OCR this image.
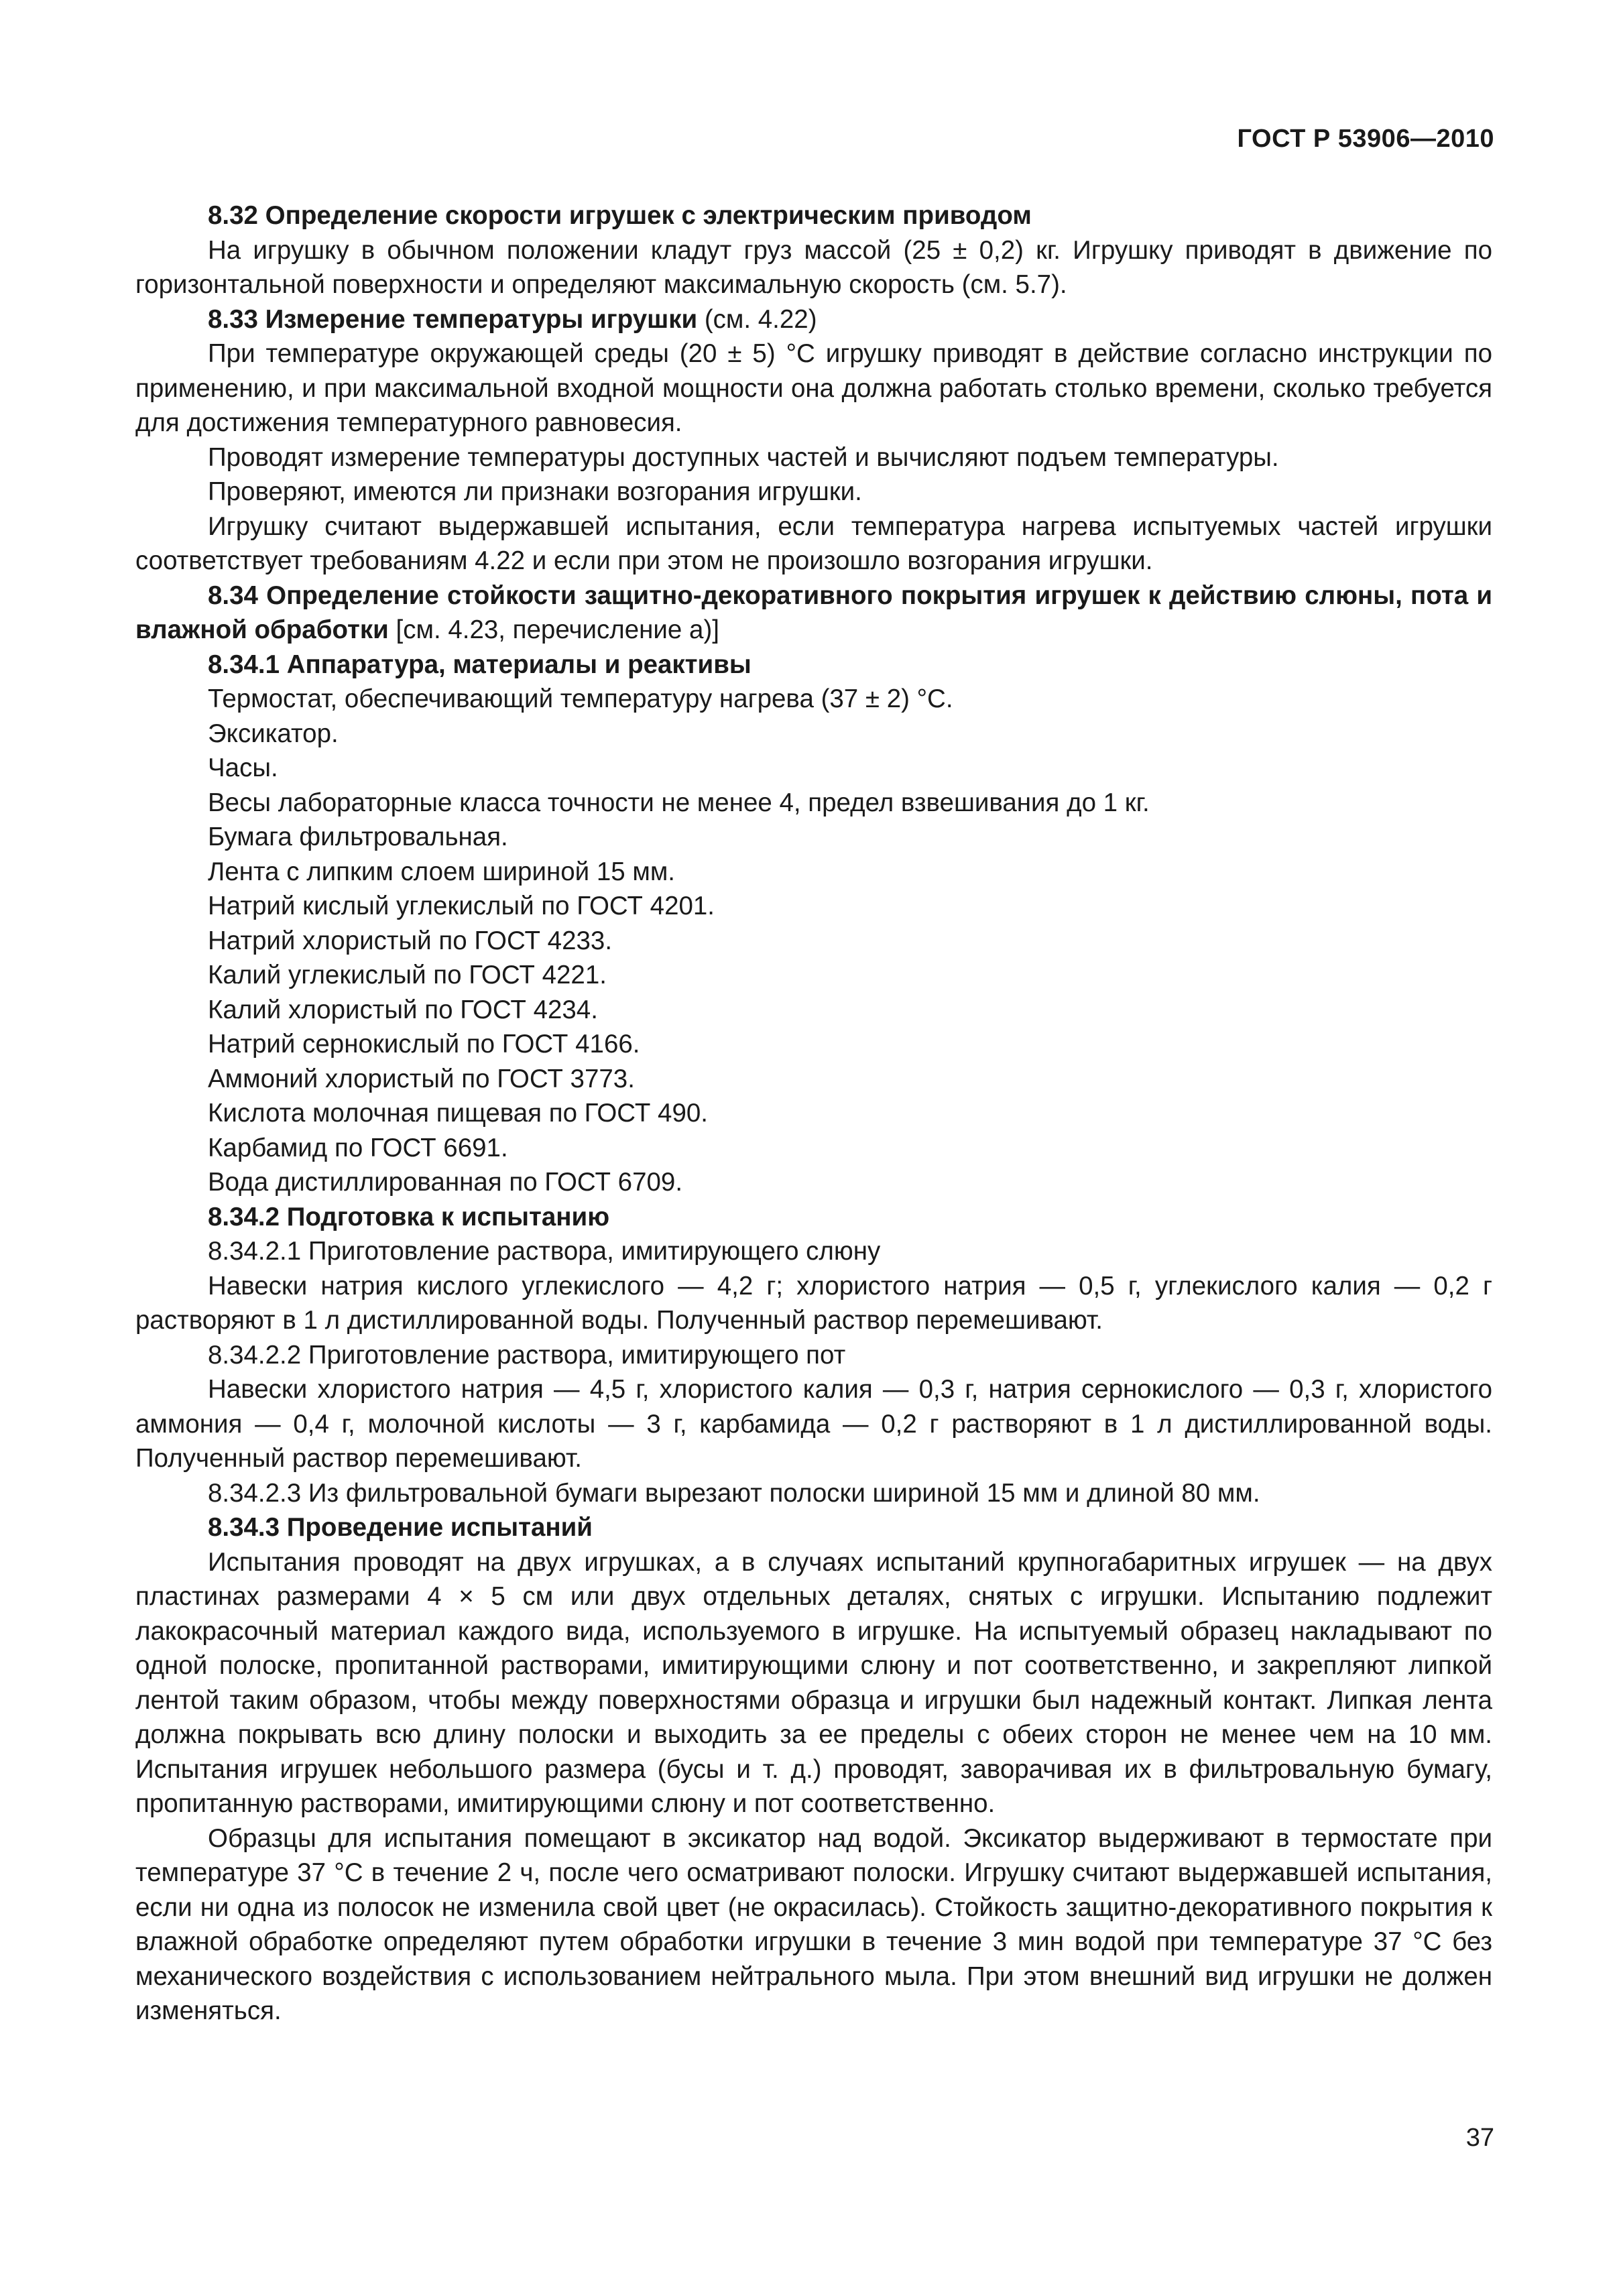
ГОСТ Р 53906—2010

8.32 Определение скорости игрушек с электрическим приводом

На игрушку в обычном положении кладут груз массой (25 ± 0,2) кг. Игрушку приводят в движение по горизонтальной поверхности и определяют максимальную скорость (см. 5.7).

8.33 Измерение температуры игрушки (см. 4.22)

При температуре окружающей среды (20 ± 5) °С игрушку приводят в действие согласно инструкции по применению, и при максимальной входной мощности она должна работать столько времени, сколько требуется для достижения температурного равновесия.

Проводят измерение температуры доступных частей и вычисляют подъем температуры.

Проверяют, имеются ли признаки возгорания игрушки.

Игрушку считают выдержавшей испытания, если температура нагрева испытуемых частей игрушки соответствует требованиям 4.22 и если при этом не произошло возгорания игрушки.

8.34 Определение стойкости защитно-декоративного покрытия игрушек к действию слюны, пота и влажной обработки [см. 4.23, перечисление а)]

8.34.1 Аппаратура, материалы и реактивы

Термостат, обеспечивающий температуру нагрева (37 ± 2) °С.

Эксикатор.

Часы.

Весы лабораторные класса точности не менее 4, предел взвешивания до 1 кг.

Бумага фильтровальная.

Лента с липким слоем шириной 15 мм.

Натрий кислый углекислый по ГОСТ 4201.

Натрий хлористый по ГОСТ 4233.

Калий углекислый по ГОСТ 4221.

Калий хлористый по ГОСТ 4234.

Натрий сернокислый по ГОСТ 4166.

Аммоний хлористый по ГОСТ 3773.

Кислота молочная пищевая по ГОСТ 490.

Карбамид по ГОСТ 6691.

Вода дистиллированная по ГОСТ 6709.

8.34.2 Подготовка к испытанию

8.34.2.1 Приготовление раствора, имитирующего слюну

Навески натрия кислого углекислого — 4,2 г; хлористого натрия — 0,5 г, углекислого калия — 0,2 г растворяют в 1 л дистиллированной воды. Полученный раствор перемешивают.

8.34.2.2 Приготовление раствора, имитирующего пот

Навески хлористого натрия — 4,5 г, хлористого калия — 0,3 г, натрия сернокислого — 0,3 г, хлористого аммония — 0,4 г, молочной кислоты — 3 г, карбамида — 0,2 г растворяют в 1 л дистиллированной воды. Полученный раствор перемешивают.

8.34.2.3 Из фильтровальной бумаги вырезают полоски шириной 15 мм и длиной 80 мм.

8.34.3 Проведение испытаний

Испытания проводят на двух игрушках, а в случаях испытаний крупногабаритных игрушек — на двух пластинах размерами 4 × 5 см или двух отдельных деталях, снятых с игрушки. Испытанию подлежит лакокрасочный материал каждого вида, используемого в игрушке. На испытуемый образец накладывают по одной полоске, пропитанной растворами, имитирующими слюну и пот соответственно, и закрепляют липкой лентой таким образом, чтобы между поверхностями образца и игрушки был надежный контакт. Липкая лента должна покрывать всю длину полоски и выходить за ее пределы с обеих сторон не менее чем на 10 мм. Испытания игрушек небольшого размера (бусы и т. д.) проводят, заворачивая их в фильтровальную бумагу, пропитанную растворами, имитирующими слюну и пот соответственно.

Образцы для испытания помещают в эксикатор над водой. Эксикатор выдерживают в термостате при температуре 37 °С в течение 2 ч, после чего осматривают полоски. Игрушку считают выдержавшей испытания, если ни одна из полосок не изменила свой цвет (не окрасилась). Стойкость защитно-декоративного покрытия к влажной обработке определяют путем обработки игрушки в течение 3 мин водой при температуре 37 °С без механического воздействия с использованием нейтрального мыла. При этом внешний вид игрушки не должен изменяться.

37
